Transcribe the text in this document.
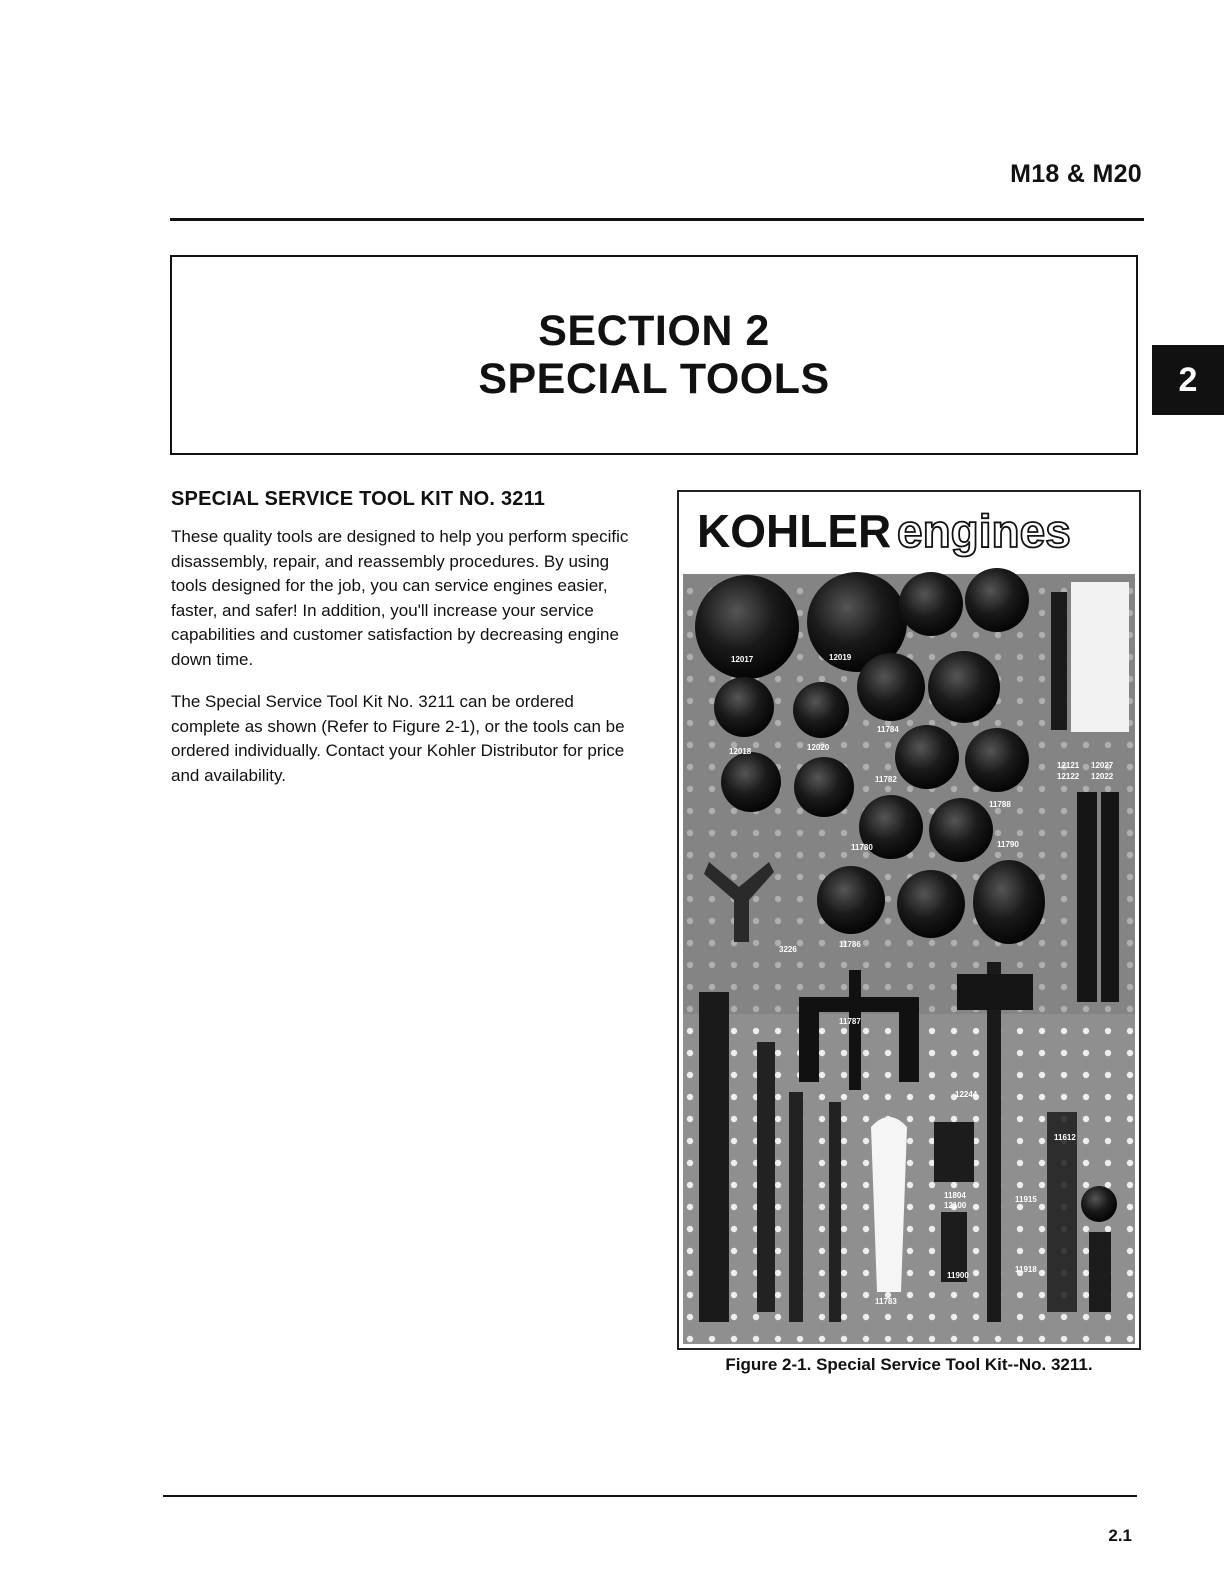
M18 & M20
SECTION 2
SPECIAL TOOLS	2
SPECIAL SERVICE TOOL KIT NO. 3211

These quality tools are designed to help you perform specific disassembly, repair, and reassembly procedures. By using tools designed for the job, you can service engines easier, faster, and safer! In addition, you'll increase your service capabilities and customer satisfaction by decreasing engine down time.

The Special Service Tool Kit No. 3211 can be ordered complete as shown (Refer to Figure 2-1), or the tools can be ordered individually. Contact your Kohler Distributor for price and availability.

KOHLER engines
12017	12019
12018	12020
11784
11782
11788
11790
11780
11786
3226
11787
12121
12122
12027
12022
12244
11612
11804
12100
11915
11918
11900
11783
Figure 2-1. Special Service Tool Kit--No. 3211.
2.1
